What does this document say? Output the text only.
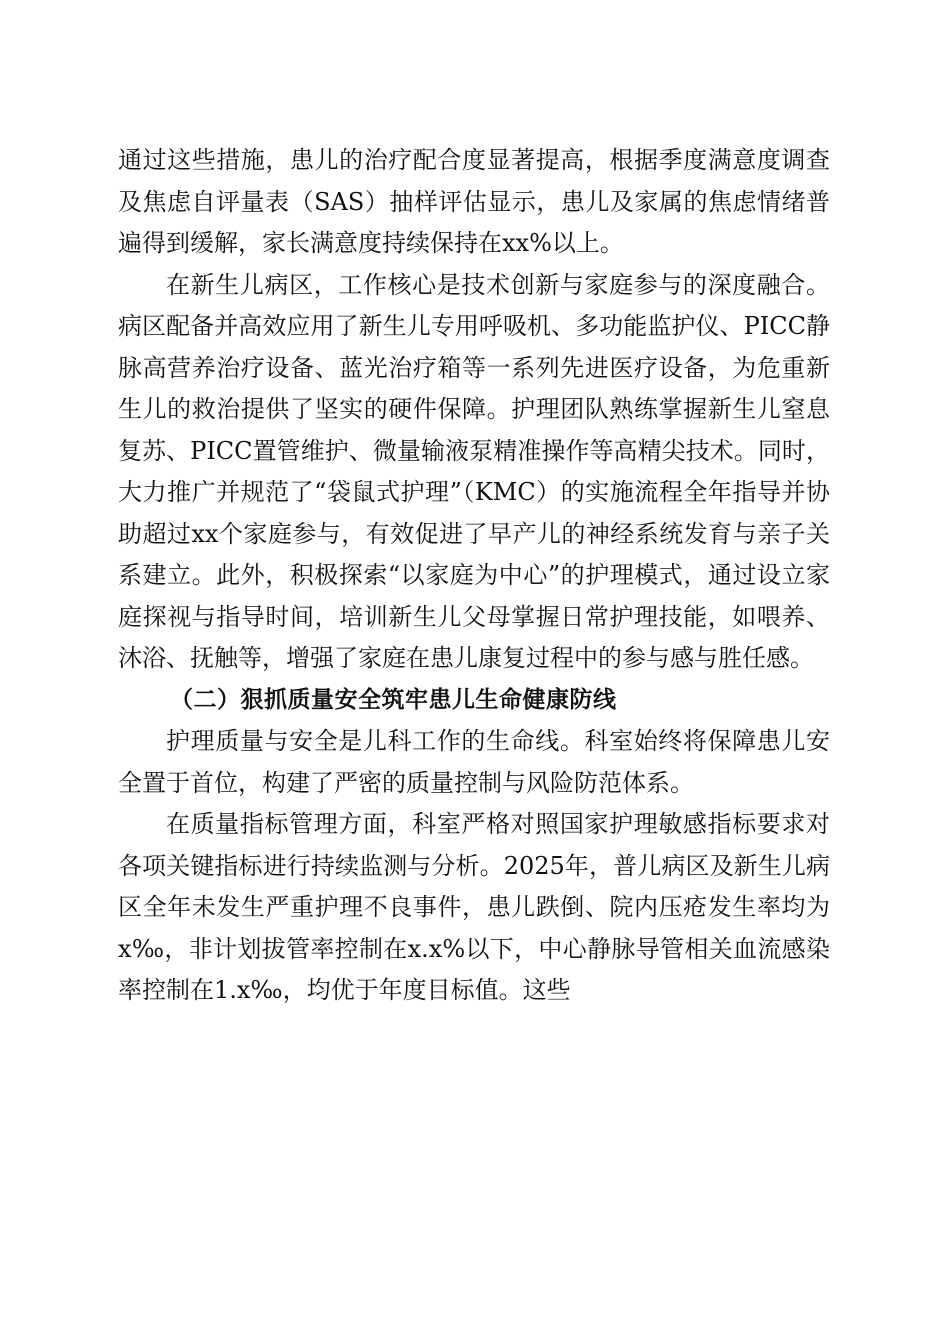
通过这些措施，患儿的治疗配合度显著提高，根据季度满意度调查及焦虑自评量表（SAS）抽样评估显示，患儿及家属的焦虑情绪普遍得到缓解，家长满意度持续保持在xx%以上。

在新生儿病区，工作核心是技术创新与家庭参与的深度融合。病区配备并高效应用了新生儿专用呼吸机、多功能监护仪、PICC静脉高营养治疗设备、蓝光治疗箱等一系列先进医疗设备，为危重新生儿的救治提供了坚实的硬件保障。护理团队熟练掌握新生儿窒息复苏、PICC置管维护、微量输液泵精准操作等高精尖技术。同时，大力推广并规范了“袋鼠式护理”（KMC）的实施流程全年指导并协助超过xx个家庭参与，有效促进了早产儿的神经系统发育与亲子关系建立。此外，积极探索“以家庭为中心”的护理模式，通过设立家庭探视与指导时间，培训新生儿父母掌握日常护理技能，如喂养、沐浴、抚触等，增强了家庭在患儿康复过程中的参与感与胜任感。

（二）狠抓质量安全筑牢患儿生命健康防线

护理质量与安全是儿科工作的生命线。科室始终将保障患儿安全置于首位，构建了严密的质量控制与风险防范体系。

在质量指标管理方面，科室严格对照国家护理敏感指标要求对各项关键指标进行持续监测与分析。2025年，普儿病区及新生儿病区全年未发生严重护理不良事件，患儿跌倒、院内压疮发生率均为x‰，非计划拔管率控制在x.x%以下，中心静脉导管相关血流感染率控制在1.x‰，均优于年度目标值。这些
